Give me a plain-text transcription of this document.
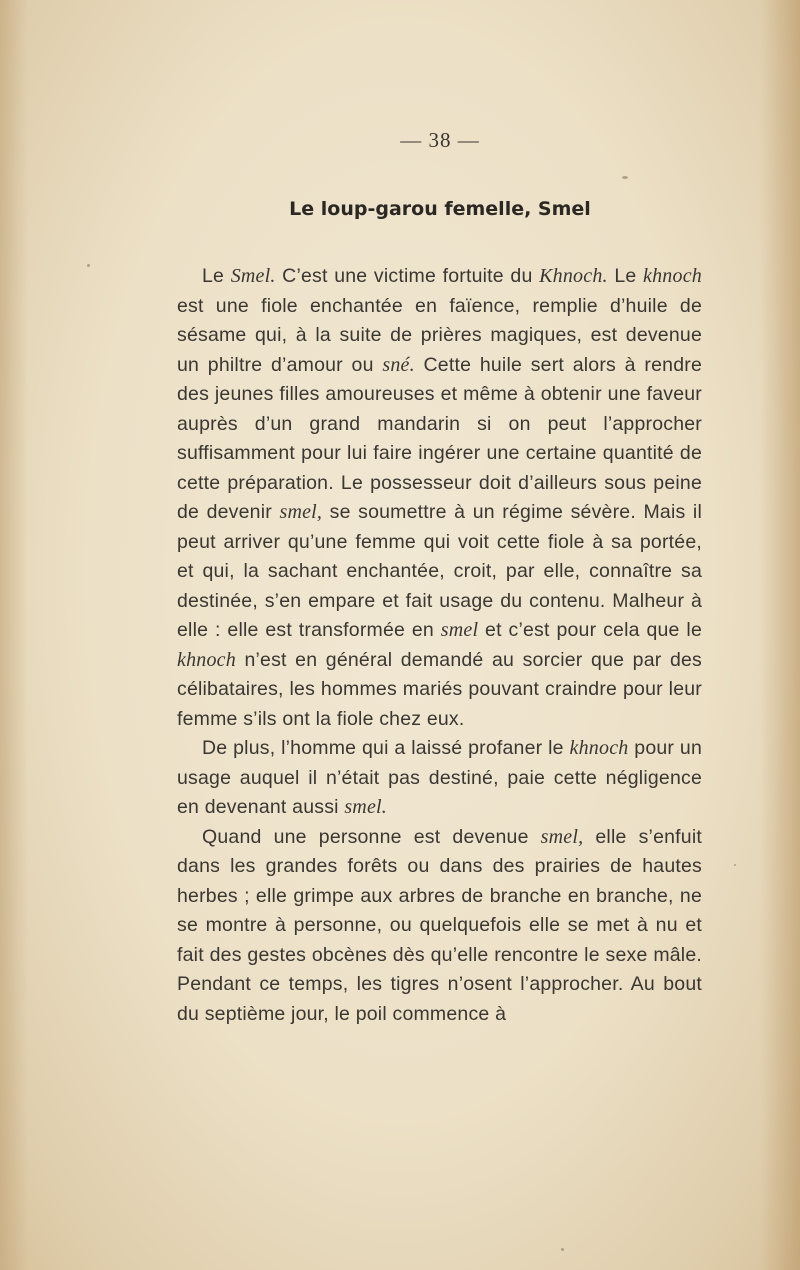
— 38 —
Le loup-garou femelle, Smel

Le Smel. C’est une victime fortuite du Khnoch. Le khnoch est une fiole enchantée en faïence, remplie d’huile de sésame qui, à la suite de prières magiques, est devenue un philtre d’amour ou sné. Cette huile sert alors à rendre des jeunes filles amoureuses et même à obtenir une faveur auprès d’un grand mandarin si on peut l’approcher suffisamment pour lui faire ingérer une certaine quantité de cette préparation. Le possesseur doit d’ailleurs sous peine de devenir smel, se soumettre à un régime sévère. Mais il peut arriver qu’une femme qui voit cette fiole à sa portée, et qui, la sachant enchantée, croit, par elle, connaître sa destinée, s’en empare et fait usage du contenu. Malheur à elle : elle est transformée en smel et c’est pour cela que le khnoch n’est en général demandé au sorcier que par des célibataires, les hommes mariés pouvant craindre pour leur femme s’ils ont la fiole chez eux.

De plus, l’homme qui a laissé profaner le khnoch pour un usage auquel il n’était pas destiné, paie cette négligence en devenant aussi smel.

Quand une personne est devenue smel, elle s’enfuit dans les grandes forêts ou dans des prairies de hautes herbes ; elle grimpe aux arbres de branche en branche, ne se montre à personne, ou quelquefois elle se met à nu et fait des gestes obcènes dès qu’elle rencontre le sexe mâle. Pendant ce temps, les tigres n’osent l’approcher. Au bout du septième jour, le poil commence à
